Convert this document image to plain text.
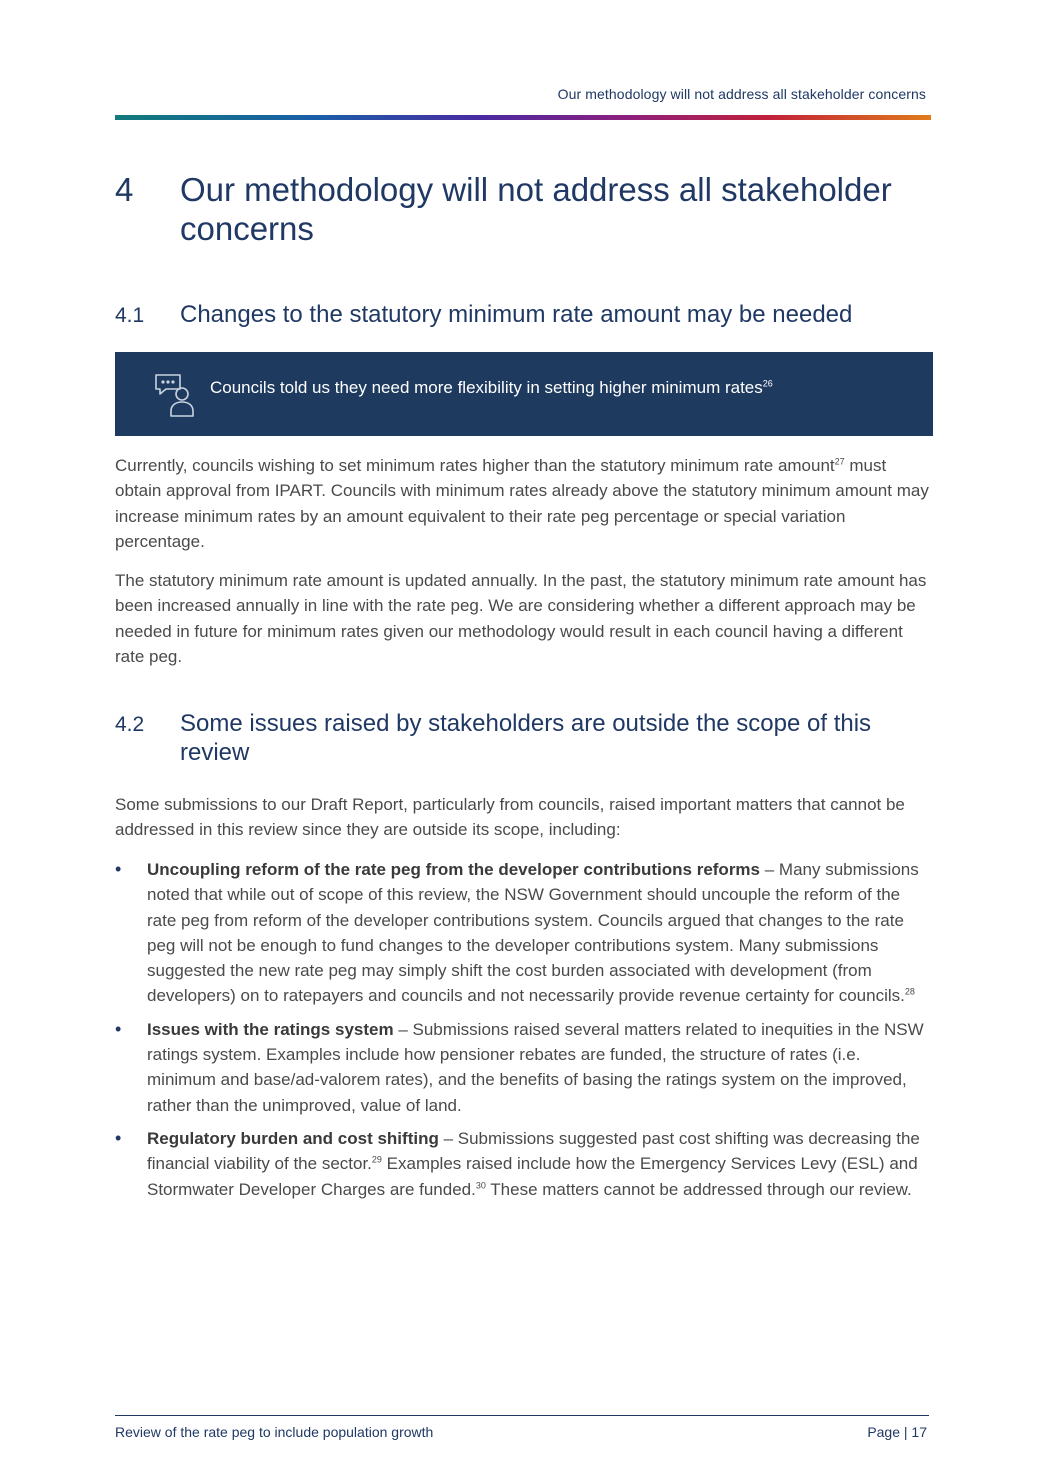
Our methodology will not address all stakeholder concerns
4 Our methodology will not address all stakeholder concerns
4.1 Changes to the statutory minimum rate amount may be needed
Councils told us they need more flexibility in setting higher minimum rates$^{26}$

Currently, councils wishing to set minimum rates higher than the statutory minimum rate amount$^{27}$ must obtain approval from IPART. Councils with minimum rates already above the statutory minimum amount may increase minimum rates by an amount equivalent to their rate peg percentage or special variation percentage.

The statutory minimum rate amount is updated annually. In the past, the statutory minimum rate amount has been increased annually in line with the rate peg. We are considering whether a different approach may be needed in future for minimum rates given our methodology would result in each council having a different rate peg.

4.2 Some issues raised by stakeholders are outside the scope of this review

Some submissions to our Draft Report, particularly from councils, raised important matters that cannot be addressed in this review since they are outside its scope, including:

• Uncoupling reform of the rate peg from the developer contributions reforms – Many submissions noted that while out of scope of this review, the NSW Government should uncouple the reform of the rate peg from reform of the developer contributions system. Councils argued that changes to the rate peg will not be enough to fund changes to the developer contributions system. Many submissions suggested the new rate peg may simply shift the cost burden associated with development (from developers) on to ratepayers and councils and not necessarily provide revenue certainty for councils.$^{28}$
• Issues with the ratings system – Submissions raised several matters related to inequities in the NSW ratings system. Examples include how pensioner rebates are funded, the structure of rates (i.e. minimum and base/ad-valorem rates), and the benefits of basing the ratings system on the improved, rather than the unimproved, value of land.
• Regulatory burden and cost shifting – Submissions suggested past cost shifting was decreasing the financial viability of the sector.$^{29}$ Examples raised include how the Emergency Services Levy (ESL) and Stormwater Developer Charges are funded.$^{30}$ These matters cannot be addressed through our review.
Review of the rate peg to include population growth	Page | 17
